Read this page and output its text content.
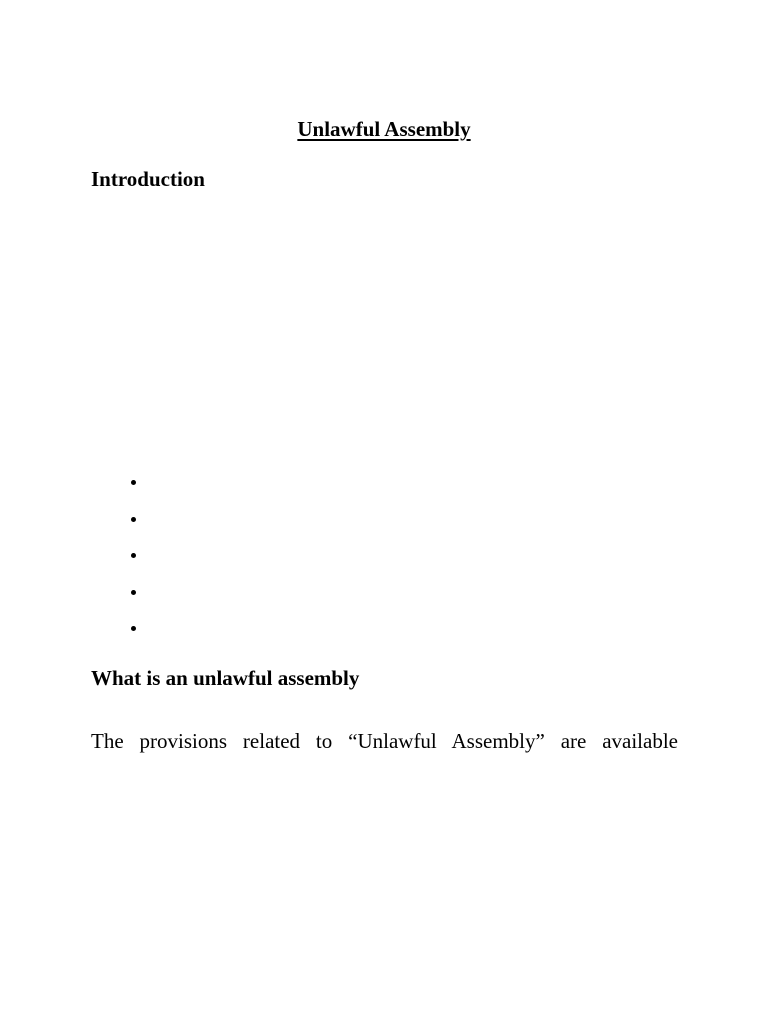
Unlawful Assembly
Introduction
What is an unlawful assembly

The provisions related to “Unlawful Assembly” are available
